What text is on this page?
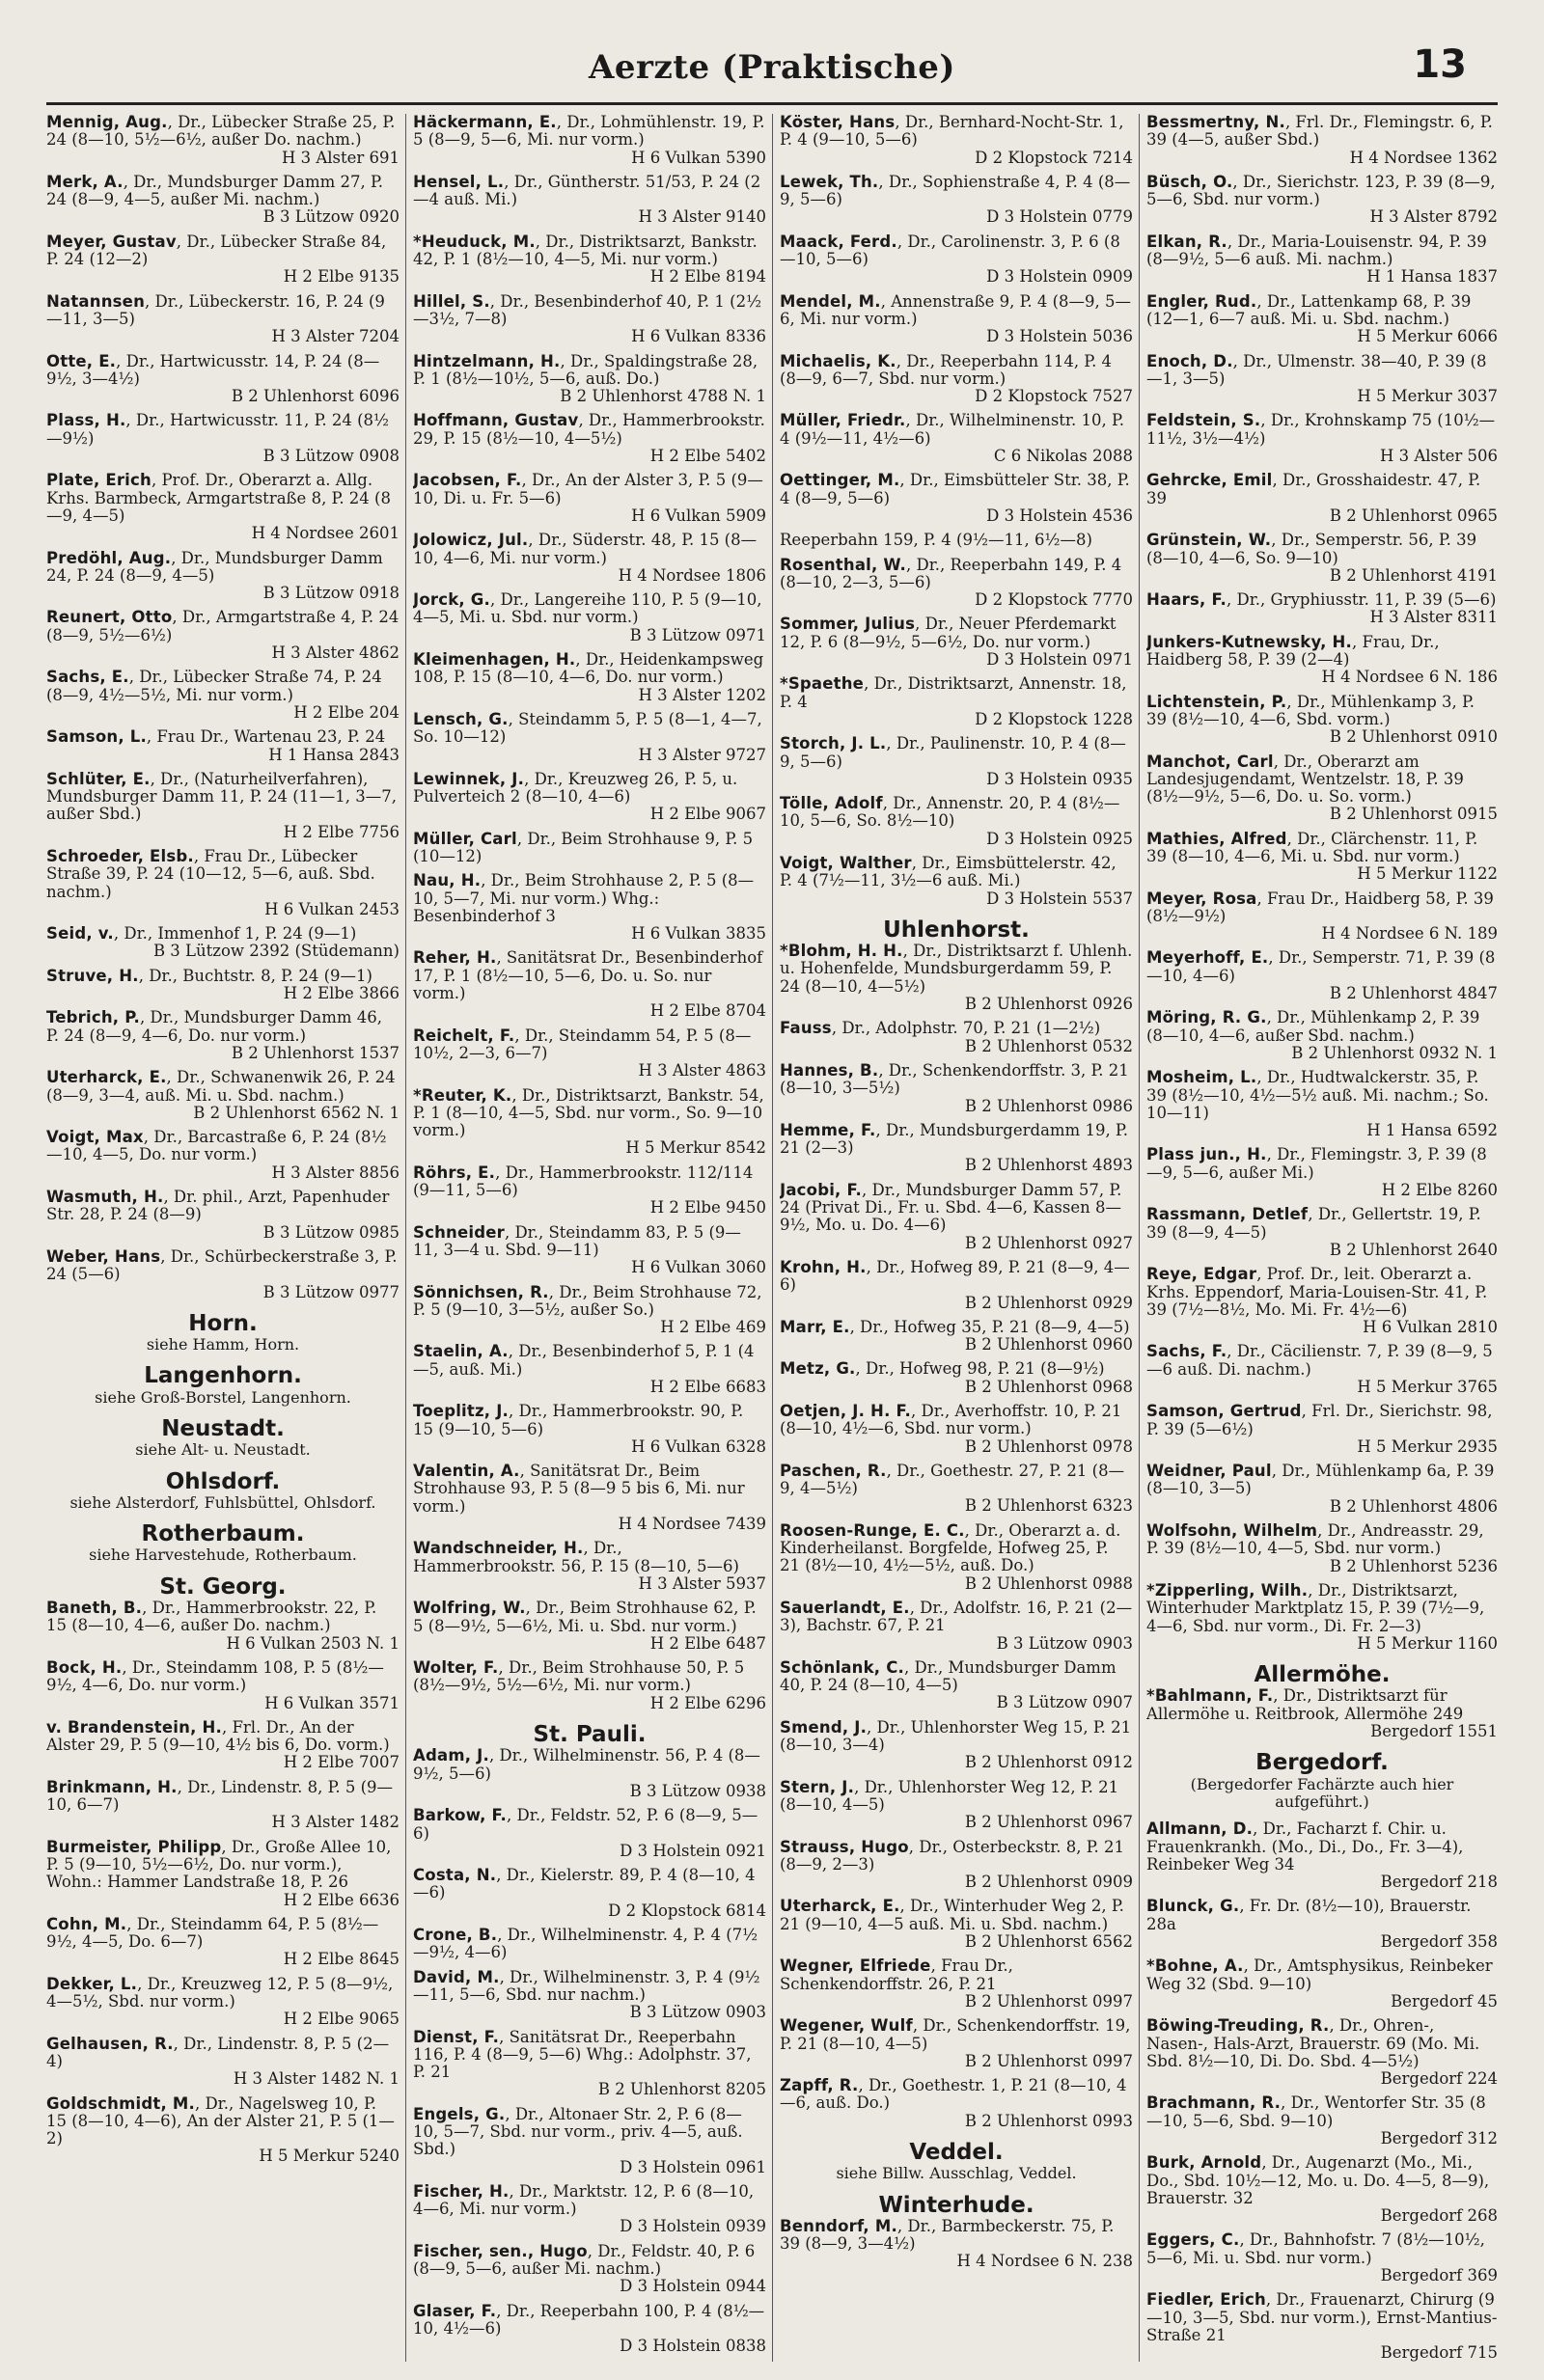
Aerzte (Praktische)	13
Mennig, Aug., Dr., Lübecker Straße 25, P. 24 (8—10, 5½—6½, außer Do. nachm.)
H 3 Alster 691
Merk, A., Dr., Mundsburger Damm 27, P. 24 (8—9, 4—5, außer Mi. nachm.)
B 3 Lützow 0920
Meyer, Gustav, Dr., Lübecker Straße 84, P. 24 (12—2)
H 2 Elbe 9135
Natannsen, Dr., Lübeckerstr. 16, P. 24 (9—11, 3—5)
H 3 Alster 7204
Otte, E., Dr., Hartwicusstr. 14, P. 24 (8—9½, 3—4½)
B 2 Uhlenhorst 6096
Plass, H., Dr., Hartwicusstr. 11, P. 24 (8½—9½)
B 3 Lützow 0908
Plate, Erich, Prof. Dr., Oberarzt a. Allg. Krhs. Barmbeck, Armgartstraße 8, P. 24 (8—9, 4—5)
H 4 Nordsee 2601
Predöhl, Aug., Dr., Mundsburger Damm 24, P. 24 (8—9, 4—5)
B 3 Lützow 0918
Reunert, Otto, Dr., Armgartstraße 4, P. 24 (8—9, 5½—6½)
H 3 Alster 4862
Sachs, E., Dr., Lübecker Straße 74, P. 24 (8—9, 4½—5½, Mi. nur vorm.)
H 2 Elbe 204
Samson, L., Frau Dr., Wartenau 23, P. 24
H 1 Hansa 2843
Schlüter, E., Dr., (Naturheilverfahren), Mundsburger Damm 11, P. 24 (11—1, 3—7, außer Sbd.)
H 2 Elbe 7756
Schroeder, Elsb., Frau Dr., Lübecker Straße 39, P. 24 (10—12, 5—6, auß. Sbd. nachm.)
H 6 Vulkan 2453
Seid, v., Dr., Immenhof 1, P. 24 (9—1)
B 3 Lützow 2392 (Stüdemann)
Struve, H., Dr., Buchtstr. 8, P. 24 (9—1)
H 2 Elbe 3866
Tebrich, P., Dr., Mundsburger Damm 46, P. 24 (8—9, 4—6, Do. nur vorm.)
B 2 Uhlenhorst 1537
Uterharck, E., Dr., Schwanenwik 26, P. 24 (8—9, 3—4, auß. Mi. u. Sbd. nachm.)
B 2 Uhlenhorst 6562 N. 1
Voigt, Max, Dr., Barcastraße 6, P. 24 (8½—10, 4—5, Do. nur vorm.)
H 3 Alster 8856
Wasmuth, H., Dr. phil., Arzt, Papenhuder Str. 28, P. 24 (8—9)
B 3 Lützow 0985
Weber, Hans, Dr., Schürbeckerstraße 3, P. 24 (5—6)
B 3 Lützow 0977
Horn.
siehe Hamm, Horn.
Langenhorn.
siehe Groß-Borstel, Langenhorn.
Neustadt.
siehe Alt- u. Neustadt.
Ohlsdorf.
siehe Alsterdorf, Fuhlsbüttel, Ohlsdorf.
Rotherbaum.
siehe Harvestehude, Rotherbaum.
St. Georg.
Baneth, B., Dr., Hammerbrookstr. 22, P. 15 (8—10, 4—6, außer Do. nachm.)
H 6 Vulkan 2503 N. 1
Bock, H., Dr., Steindamm 108, P. 5 (8½—9½, 4—6, Do. nur vorm.)
H 6 Vulkan 3571
v. Brandenstein, H., Frl. Dr., An der Alster 29, P. 5 (9—10, 4½ bis 6, Do. vorm.)
H 2 Elbe 7007
Brinkmann, H., Dr., Lindenstr. 8, P. 5 (9—10, 6—7)
H 3 Alster 1482
Burmeister, Philipp, Dr., Große Allee 10, P. 5 (9—10, 5½—6½, Do. nur vorm.), Wohn.: Hammer Landstraße 18, P. 26
H 2 Elbe 6636
Cohn, M., Dr., Steindamm 64, P. 5 (8½—9½, 4—5, Do. 6—7)
H 2 Elbe 8645
Dekker, L., Dr., Kreuzweg 12, P. 5 (8—9½, 4—5½, Sbd. nur vorm.)
H 2 Elbe 9065
Gelhausen, R., Dr., Lindenstr. 8, P. 5 (2—4)
H 3 Alster 1482 N. 1
Goldschmidt, M., Dr., Nagelsweg 10, P. 15 (8—10, 4—6), An der Alster 21, P. 5 (1—2)
H 5 Merkur 5240
Häckermann, E., Dr., Lohmühlenstr. 19, P. 5 (8—9, 5—6, Mi. nur vorm.)
H 6 Vulkan 5390
Hensel, L., Dr., Güntherstr. 51/53, P. 24 (2—4 auß. Mi.)
H 3 Alster 9140
*Heuduck, M., Dr., Distriktsarzt, Bankstr. 42, P. 1 (8½—10, 4—5, Mi. nur vorm.)
H 2 Elbe 8194
Hillel, S., Dr., Besenbinderhof 40, P. 1 (2½—3½, 7—8)
H 6 Vulkan 8336
Hintzelmann, H., Dr., Spaldingstraße 28, P. 1 (8½—10½, 5—6, auß. Do.)
B 2 Uhlenhorst 4788 N. 1
Hoffmann, Gustav, Dr., Hammerbrookstr. 29, P. 15 (8½—10, 4—5½)
H 2 Elbe 5402
Jacobsen, F., Dr., An der Alster 3, P. 5 (9—10, Di. u. Fr. 5—6)
H 6 Vulkan 5909
Jolowicz, Jul., Dr., Süderstr. 48, P. 15 (8—10, 4—6, Mi. nur vorm.)
H 4 Nordsee 1806
Jorck, G., Dr., Langereihe 110, P. 5 (9—10, 4—5, Mi. u. Sbd. nur vorm.)
B 3 Lützow 0971
Kleimenhagen, H., Dr., Heidenkampsweg 108, P. 15 (8—10, 4—6, Do. nur vorm.)
H 3 Alster 1202
Lensch, G., Steindamm 5, P. 5 (8—1, 4—7, So. 10—12)
H 3 Alster 9727
Lewinnek, J., Dr., Kreuzweg 26, P. 5, u. Pulverteich 2 (8—10, 4—6)
H 2 Elbe 9067
Müller, Carl, Dr., Beim Strohhause 9, P. 5 (10—12)
Nau, H., Dr., Beim Strohhause 2, P. 5 (8—10, 5—7, Mi. nur vorm.) Whg.: Besenbinderhof 3
H 6 Vulkan 3835
Reher, H., Sanitätsrat Dr., Besenbinderhof 17, P. 1 (8½—10, 5—6, Do. u. So. nur vorm.)
H 2 Elbe 8704
Reichelt, F., Dr., Steindamm 54, P. 5 (8—10½, 2—3, 6—7)
H 3 Alster 4863
*Reuter, K., Dr., Distriktsarzt, Bankstr. 54, P. 1 (8—10, 4—5, Sbd. nur vorm., So. 9—10 vorm.)
H 5 Merkur 8542
Röhrs, E., Dr., Hammerbrookstr. 112/114 (9—11, 5—6)
H 2 Elbe 9450
Schneider, Dr., Steindamm 83, P. 5 (9—11, 3—4 u. Sbd. 9—11)
H 6 Vulkan 3060
Sönnichsen, R., Dr., Beim Strohhause 72, P. 5 (9—10, 3—5½, außer So.)
H 2 Elbe 469
Staelin, A., Dr., Besenbinderhof 5, P. 1 (4—5, auß. Mi.)
H 2 Elbe 6683
Toeplitz, J., Dr., Hammerbrookstr. 90, P. 15 (9—10, 5—6)
H 6 Vulkan 6328
Valentin, A., Sanitätsrat Dr., Beim Strohhause 93, P. 5 (8—9 5 bis 6, Mi. nur vorm.)
H 4 Nordsee 7439
Wandschneider, H., Dr., Hammerbrookstr. 56, P. 15 (8—10, 5—6)
H 3 Alster 5937
Wolfring, W., Dr., Beim Strohhause 62, P. 5 (8—9½, 5—6½, Mi. u. Sbd. nur vorm.)
H 2 Elbe 6487
Wolter, F., Dr., Beim Strohhause 50, P. 5 (8½—9½, 5½—6½, Mi. nur vorm.)
H 2 Elbe 6296
St. Pauli.
Adam, J., Dr., Wilhelminenstr. 56, P. 4 (8—9½, 5—6)
B 3 Lützow 0938
Barkow, F., Dr., Feldstr. 52, P. 6 (8—9, 5—6)
D 3 Holstein 0921
Costa, N., Dr., Kielerstr. 89, P. 4 (8—10, 4—6)
D 2 Klopstock 6814
Crone, B., Dr., Wilhelminenstr. 4, P. 4 (7½—9½, 4—6)
David, M., Dr., Wilhelminenstr. 3, P. 4 (9½—11, 5—6, Sbd. nur nachm.)
B 3 Lützow 0903
Dienst, F., Sanitätsrat Dr., Reeperbahn 116, P. 4 (8—9, 5—6) Whg.: Adolphstr. 37, P. 21
B 2 Uhlenhorst 8205
Engels, G., Dr., Altonaer Str. 2, P. 6 (8—10, 5—7, Sbd. nur vorm., priv. 4—5, auß. Sbd.)
D 3 Holstein 0961
Fischer, H., Dr., Marktstr. 12, P. 6 (8—10, 4—6, Mi. nur vorm.)
D 3 Holstein 0939
Fischer, sen., Hugo, Dr., Feldstr. 40, P. 6 (8—9, 5—6, außer Mi. nachm.)
D 3 Holstein 0944
Glaser, F., Dr., Reeperbahn 100, P. 4 (8½—10, 4½—6)
D 3 Holstein 0838
Köster, Hans, Dr., Bernhard-Nocht-Str. 1, P. 4 (9—10, 5—6)
D 2 Klopstock 7214
Lewek, Th., Dr., Sophienstraße 4, P. 4 (8—9, 5—6)
D 3 Holstein 0779
Maack, Ferd., Dr., Carolinenstr. 3, P. 6 (8—10, 5—6)
D 3 Holstein 0909
Mendel, M., Annenstraße 9, P. 4 (8—9, 5—6, Mi. nur vorm.)
D 3 Holstein 5036
Michaelis, K., Dr., Reeperbahn 114, P. 4 (8—9, 6—7, Sbd. nur vorm.)
D 2 Klopstock 7527
Müller, Friedr., Dr., Wilhelminenstr. 10, P. 4 (9½—11, 4½—6)
C 6 Nikolas 2088
Oettinger, M., Dr., Eimsbütteler Str. 38, P. 4 (8—9, 5—6)
D 3 Holstein 4536
Reeperbahn 159, P. 4 (9½—11, 6½—8)
Rosenthal, W., Dr., Reeperbahn 149, P. 4 (8—10, 2—3, 5—6)
D 2 Klopstock 7770
Sommer, Julius, Dr., Neuer Pferdemarkt 12, P. 6 (8—9½, 5—6½, Do. nur vorm.)
D 3 Holstein 0971
*Spaethe, Dr., Distriktsarzt, Annenstr. 18, P. 4
D 2 Klopstock 1228
Storch, J. L., Dr., Paulinenstr. 10, P. 4 (8—9, 5—6)
D 3 Holstein 0935
Tölle, Adolf, Dr., Annenstr. 20, P. 4 (8½—10, 5—6, So. 8½—10)
D 3 Holstein 0925
Voigt, Walther, Dr., Eimsbüttelerstr. 42, P. 4 (7½—11, 3½—6 auß. Mi.)
D 3 Holstein 5537
Uhlenhorst.
*Blohm, H. H., Dr., Distriktsarzt f. Uhlenh. u. Hohenfelde, Mundsburgerdamm 59, P. 24 (8—10, 4—5½)
B 2 Uhlenhorst 0926
Fauss, Dr., Adolphstr. 70, P. 21 (1—2½)
B 2 Uhlenhorst 0532
Hannes, B., Dr., Schenkendorffstr. 3, P. 21 (8—10, 3—5½)
B 2 Uhlenhorst 0986
Hemme, F., Dr., Mundsburgerdamm 19, P. 21 (2—3)
B 2 Uhlenhorst 4893
Jacobi, F., Dr., Mundsburger Damm 57, P. 24 (Privat Di., Fr. u. Sbd. 4—6, Kassen 8—9½, Mo. u. Do. 4—6)
B 2 Uhlenhorst 0927
Krohn, H., Dr., Hofweg 89, P. 21 (8—9, 4—6)
B 2 Uhlenhorst 0929
Marr, E., Dr., Hofweg 35, P. 21 (8—9, 4—5)
B 2 Uhlenhorst 0960
Metz, G., Dr., Hofweg 98, P. 21 (8—9½)
B 2 Uhlenhorst 0968
Oetjen, J. H. F., Dr., Averhoffstr. 10, P. 21 (8—10, 4½—6, Sbd. nur vorm.)
B 2 Uhlenhorst 0978
Paschen, R., Dr., Goethestr. 27, P. 21 (8—9, 4—5½)
B 2 Uhlenhorst 6323
Roosen-Runge, E. C., Dr., Oberarzt a. d. Kinderheilanst. Borgfelde, Hofweg 25, P. 21 (8½—10, 4½—5½, auß. Do.)
B 2 Uhlenhorst 0988
Sauerlandt, E., Dr., Adolfstr. 16, P. 21 (2—3), Bachstr. 67, P. 21
B 3 Lützow 0903
Schönlank, C., Dr., Mundsburger Damm 40, P. 24 (8—10, 4—5)
B 3 Lützow 0907
Smend, J., Dr., Uhlenhorster Weg 15, P. 21 (8—10, 3—4)
B 2 Uhlenhorst 0912
Stern, J., Dr., Uhlenhorster Weg 12, P. 21 (8—10, 4—5)
B 2 Uhlenhorst 0967
Strauss, Hugo, Dr., Osterbeckstr. 8, P. 21 (8—9, 2—3)
B 2 Uhlenhorst 0909
Uterharck, E., Dr., Winterhuder Weg 2, P. 21 (9—10, 4—5 auß. Mi. u. Sbd. nachm.)
B 2 Uhlenhorst 6562
Wegner, Elfriede, Frau Dr., Schenkendorffstr. 26, P. 21
B 2 Uhlenhorst 0997
Wegener, Wulf, Dr., Schenkendorffstr. 19, P. 21 (8—10, 4—5)
B 2 Uhlenhorst 0997
Zapff, R., Dr., Goethestr. 1, P. 21 (8—10, 4—6, auß. Do.)
B 2 Uhlenhorst 0993
Veddel.
siehe Billw. Ausschlag, Veddel.
Winterhude.
Benndorf, M., Dr., Barmbeckerstr. 75, P. 39 (8—9, 3—4½)
H 4 Nordsee 6 N. 238
Bessmertny, N., Frl. Dr., Flemingstr. 6, P. 39 (4—5, außer Sbd.)
H 4 Nordsee 1362
Büsch, O., Dr., Sierichstr. 123, P. 39 (8—9, 5—6, Sbd. nur vorm.)
H 3 Alster 8792
Elkan, R., Dr., Maria-Louisenstr. 94, P. 39 (8—9½, 5—6 auß. Mi. nachm.)
H 1 Hansa 1837
Engler, Rud., Dr., Lattenkamp 68, P. 39 (12—1, 6—7 auß. Mi. u. Sbd. nachm.)
H 5 Merkur 6066
Enoch, D., Dr., Ulmenstr. 38—40, P. 39 (8—1, 3—5)
H 5 Merkur 3037
Feldstein, S., Dr., Krohnskamp 75 (10½—11½, 3½—4½)
H 3 Alster 506
Gehrcke, Emil, Dr., Grosshaidestr. 47, P. 39
B 2 Uhlenhorst 0965
Grünstein, W., Dr., Semperstr. 56, P. 39 (8—10, 4—6, So. 9—10)
B 2 Uhlenhorst 4191
Haars, F., Dr., Gryphiusstr. 11, P. 39 (5—6)
H 3 Alster 8311
Junkers-Kutnewsky, H., Frau, Dr., Haidberg 58, P. 39 (2—4)
H 4 Nordsee 6 N. 186
Lichtenstein, P., Dr., Mühlenkamp 3, P. 39 (8½—10, 4—6, Sbd. vorm.)
B 2 Uhlenhorst 0910
Manchot, Carl, Dr., Oberarzt am Landesjugendamt, Wentzelstr. 18, P. 39 (8½—9½, 5—6, Do. u. So. vorm.)
B 2 Uhlenhorst 0915
Mathies, Alfred, Dr., Clärchenstr. 11, P. 39 (8—10, 4—6, Mi. u. Sbd. nur vorm.)
H 5 Merkur 1122
Meyer, Rosa, Frau Dr., Haidberg 58, P. 39 (8½—9½)
H 4 Nordsee 6 N. 189
Meyerhoff, E., Dr., Semperstr. 71, P. 39 (8—10, 4—6)
B 2 Uhlenhorst 4847
Möring, R. G., Dr., Mühlenkamp 2, P. 39 (8—10, 4—6, außer Sbd. nachm.)
B 2 Uhlenhorst 0932 N. 1
Mosheim, L., Dr., Hudtwalckerstr. 35, P. 39 (8½—10, 4½—5½ auß. Mi. nachm.; So. 10—11)
H 1 Hansa 6592
Plass jun., H., Dr., Flemingstr. 3, P. 39 (8—9, 5—6, außer Mi.)
H 2 Elbe 8260
Rassmann, Detlef, Dr., Gellertstr. 19, P. 39 (8—9, 4—5)
B 2 Uhlenhorst 2640
Reye, Edgar, Prof. Dr., leit. Oberarzt a. Krhs. Eppendorf, Maria-Louisen-Str. 41, P. 39 (7½—8½, Mo. Mi. Fr. 4½—6)
H 6 Vulkan 2810
Sachs, F., Dr., Cäcilienstr. 7, P. 39 (8—9, 5—6 auß. Di. nachm.)
H 5 Merkur 3765
Samson, Gertrud, Frl. Dr., Sierichstr. 98, P. 39 (5—6½)
H 5 Merkur 2935
Weidner, Paul, Dr., Mühlenkamp 6a, P. 39 (8—10, 3—5)
B 2 Uhlenhorst 4806
Wolfsohn, Wilhelm, Dr., Andreasstr. 29, P. 39 (8½—10, 4—5, Sbd. nur vorm.)
B 2 Uhlenhorst 5236
*Zipperling, Wilh., Dr., Distriktsarzt, Winterhuder Marktplatz 15, P. 39 (7½—9, 4—6, Sbd. nur vorm., Di. Fr. 2—3)
H 5 Merkur 1160
Allermöhe.
*Bahlmann, F., Dr., Distriktsarzt für Allermöhe u. Reitbrook, Allermöhe 249
Bergedorf 1551
Bergedorf.
(Bergedorfer Fachärzte auch hier aufgeführt.)
Allmann, D., Dr., Facharzt f. Chir. u. Frauenkrankh. (Mo., Di., Do., Fr. 3—4), Reinbeker Weg 34
Bergedorf 218
Blunck, G., Fr. Dr. (8½—10), Brauerstr. 28a
Bergedorf 358
*Bohne, A., Dr., Amtsphysikus, Reinbeker Weg 32 (Sbd. 9—10)
Bergedorf 45
Böwing-Treuding, R., Dr., Ohren-, Nasen-, Hals-Arzt, Brauerstr. 69 (Mo. Mi. Sbd. 8½—10, Di. Do. Sbd. 4—5½)
Bergedorf 224
Brachmann, R., Dr., Wentorfer Str. 35 (8—10, 5—6, Sbd. 9—10)
Bergedorf 312
Burk, Arnold, Dr., Augenarzt (Mo., Mi., Do., Sbd. 10½—12, Mo. u. Do. 4—5, 8—9), Brauerstr. 32
Bergedorf 268
Eggers, C., Dr., Bahnhofstr. 7 (8½—10½, 5—6, Mi. u. Sbd. nur vorm.)
Bergedorf 369
Fiedler, Erich, Dr., Frauenarzt, Chirurg (9—10, 3—5, Sbd. nur vorm.), Ernst-Mantius-Straße 21
Bergedorf 715
